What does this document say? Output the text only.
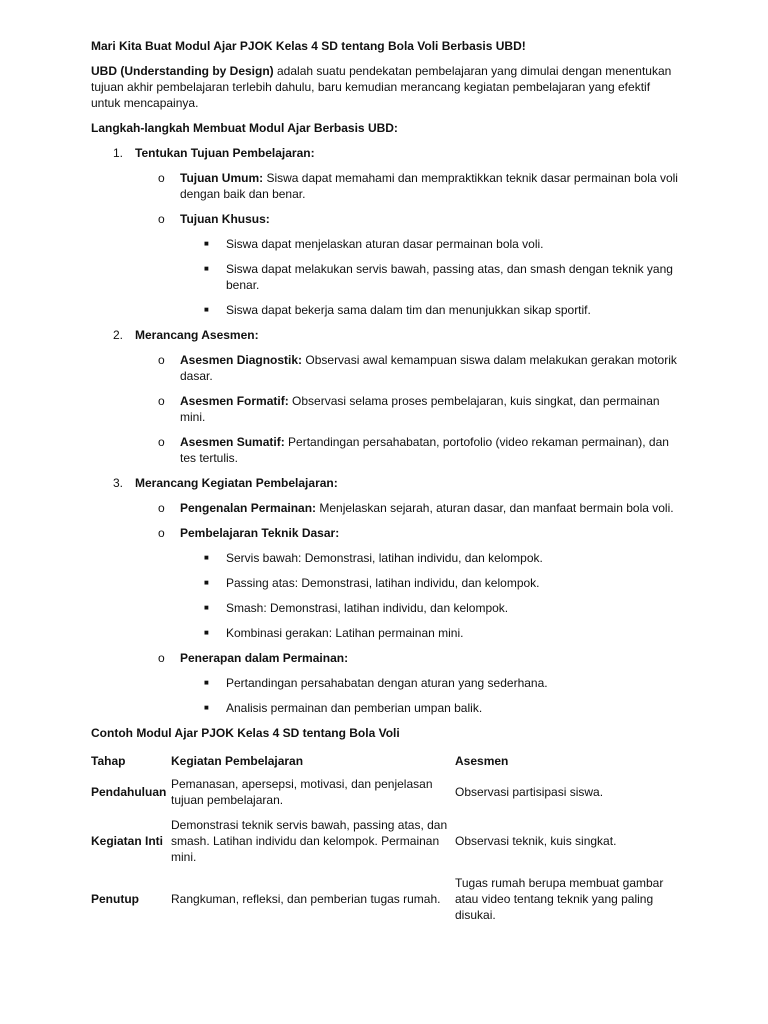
Mari Kita Buat Modul Ajar PJOK Kelas 4 SD tentang Bola Voli Berbasis UBD!

UBD (Understanding by Design) adalah suatu pendekatan pembelajaran yang dimulai dengan menentukan tujuan akhir pembelajaran terlebih dahulu, baru kemudian merancang kegiatan pembelajaran yang efektif untuk mencapainya.

Langkah-langkah Membuat Modul Ajar Berbasis UBD:

1. Tentukan Tujuan Pembelajaran:
o Tujuan Umum: Siswa dapat memahami dan mempraktikkan teknik dasar permainan bola voli dengan baik dan benar.
o Tujuan Khusus:
■ Siswa dapat menjelaskan aturan dasar permainan bola voli.
■ Siswa dapat melakukan servis bawah, passing atas, dan smash dengan teknik yang benar.
■ Siswa dapat bekerja sama dalam tim dan menunjukkan sikap sportif.
2. Merancang Asesmen:
o Asesmen Diagnostik: Observasi awal kemampuan siswa dalam melakukan gerakan motorik dasar.
o Asesmen Formatif: Observasi selama proses pembelajaran, kuis singkat, dan permainan mini.
o Asesmen Sumatif: Pertandingan persahabatan, portofolio (video rekaman permainan), dan tes tertulis.
3. Merancang Kegiatan Pembelajaran:
o Pengenalan Permainan: Menjelaskan sejarah, aturan dasar, dan manfaat bermain bola voli.
o Pembelajaran Teknik Dasar:
■ Servis bawah: Demonstrasi, latihan individu, dan kelompok.
■ Passing atas: Demonstrasi, latihan individu, dan kelompok.
■ Smash: Demonstrasi, latihan individu, dan kelompok.
■ Kombinasi gerakan: Latihan permainan mini.
o Penerapan dalam Permainan:
■ Pertandingan persahabatan dengan aturan yang sederhana.
■ Analisis permainan dan pemberian umpan balik.

Contoh Modul Ajar PJOK Kelas 4 SD tentang Bola Voli

Tahap	Kegiatan Pembelajaran	Asesmen
Pendahuluan	Pemanasan, apersepsi, motivasi, dan penjelasan tujuan pembelajaran.	Observasi partisipasi siswa.
Kegiatan Inti	Demonstrasi teknik servis bawah, passing atas, dan smash. Latihan individu dan kelompok. Permainan mini.	Observasi teknik, kuis singkat.
Penutup	Rangkuman, refleksi, dan pemberian tugas rumah.	Tugas rumah berupa membuat gambar atau video tentang teknik yang paling disukai.
